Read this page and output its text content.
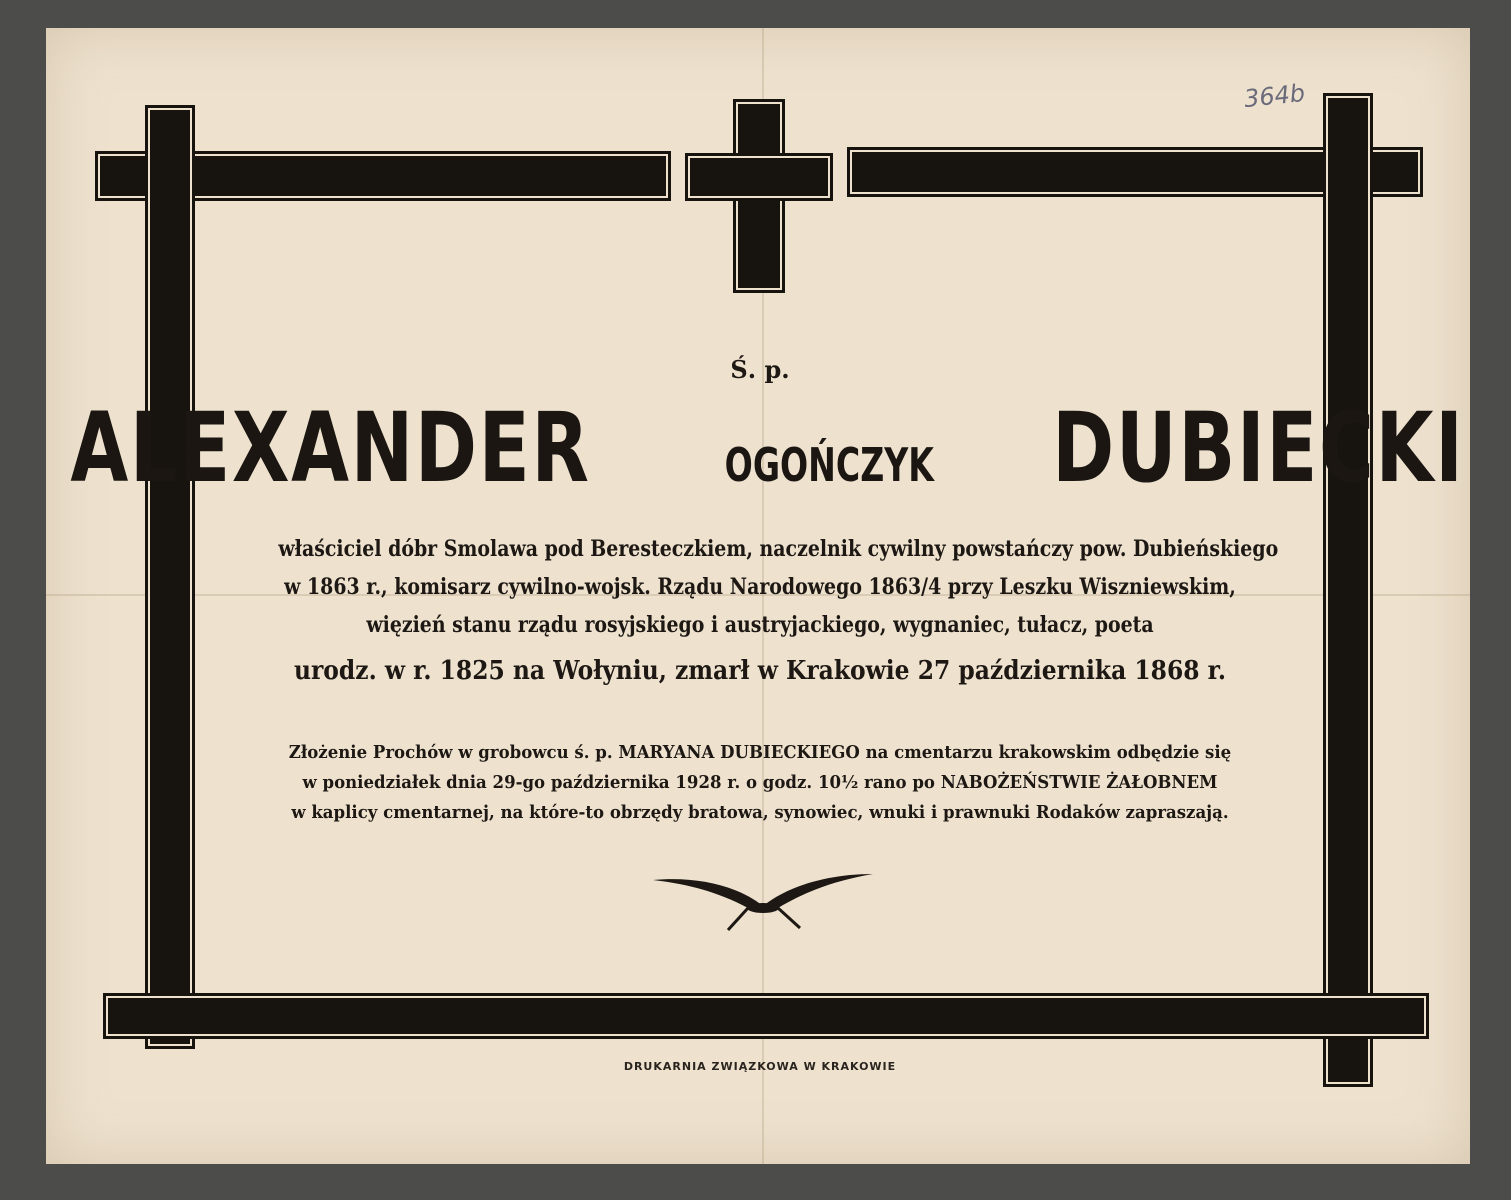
364b
Ś. p.
ALEXANDER	OGOŃCZYK DUBIECKI
właściciel dóbr Smolawa pod Beresteczkiem, naczelnik cywilny powstańczy pow. Dubieńskiego
w 1863 r., komisarz cywilno-wojsk. Rządu Narodowego 1863/4 przy Leszku Wiszniewskim,
więzień stanu rządu rosyjskiego i austryjackiego, wygnaniec, tułacz, poeta
urodz. w r. 1825 na Wołyniu, zmarł w Krakowie 27 października 1868 r.
Złożenie Prochów w grobowcu ś. p. MARYANA DUBIECKIEGO na cmentarzu krakowskim odbędzie się
w poniedziałek dnia 29-go października 1928 r. o godz. 10½ rano po NABOŻEŃSTWIE ŻAŁOBNEM
w kaplicy cmentarnej, na które-to obrzędy bratowa, synowiec, wnuki i prawnuki Rodaków zapraszają.
DRUKARNIA ZWIĄZKOWA W KRAKOWIE
